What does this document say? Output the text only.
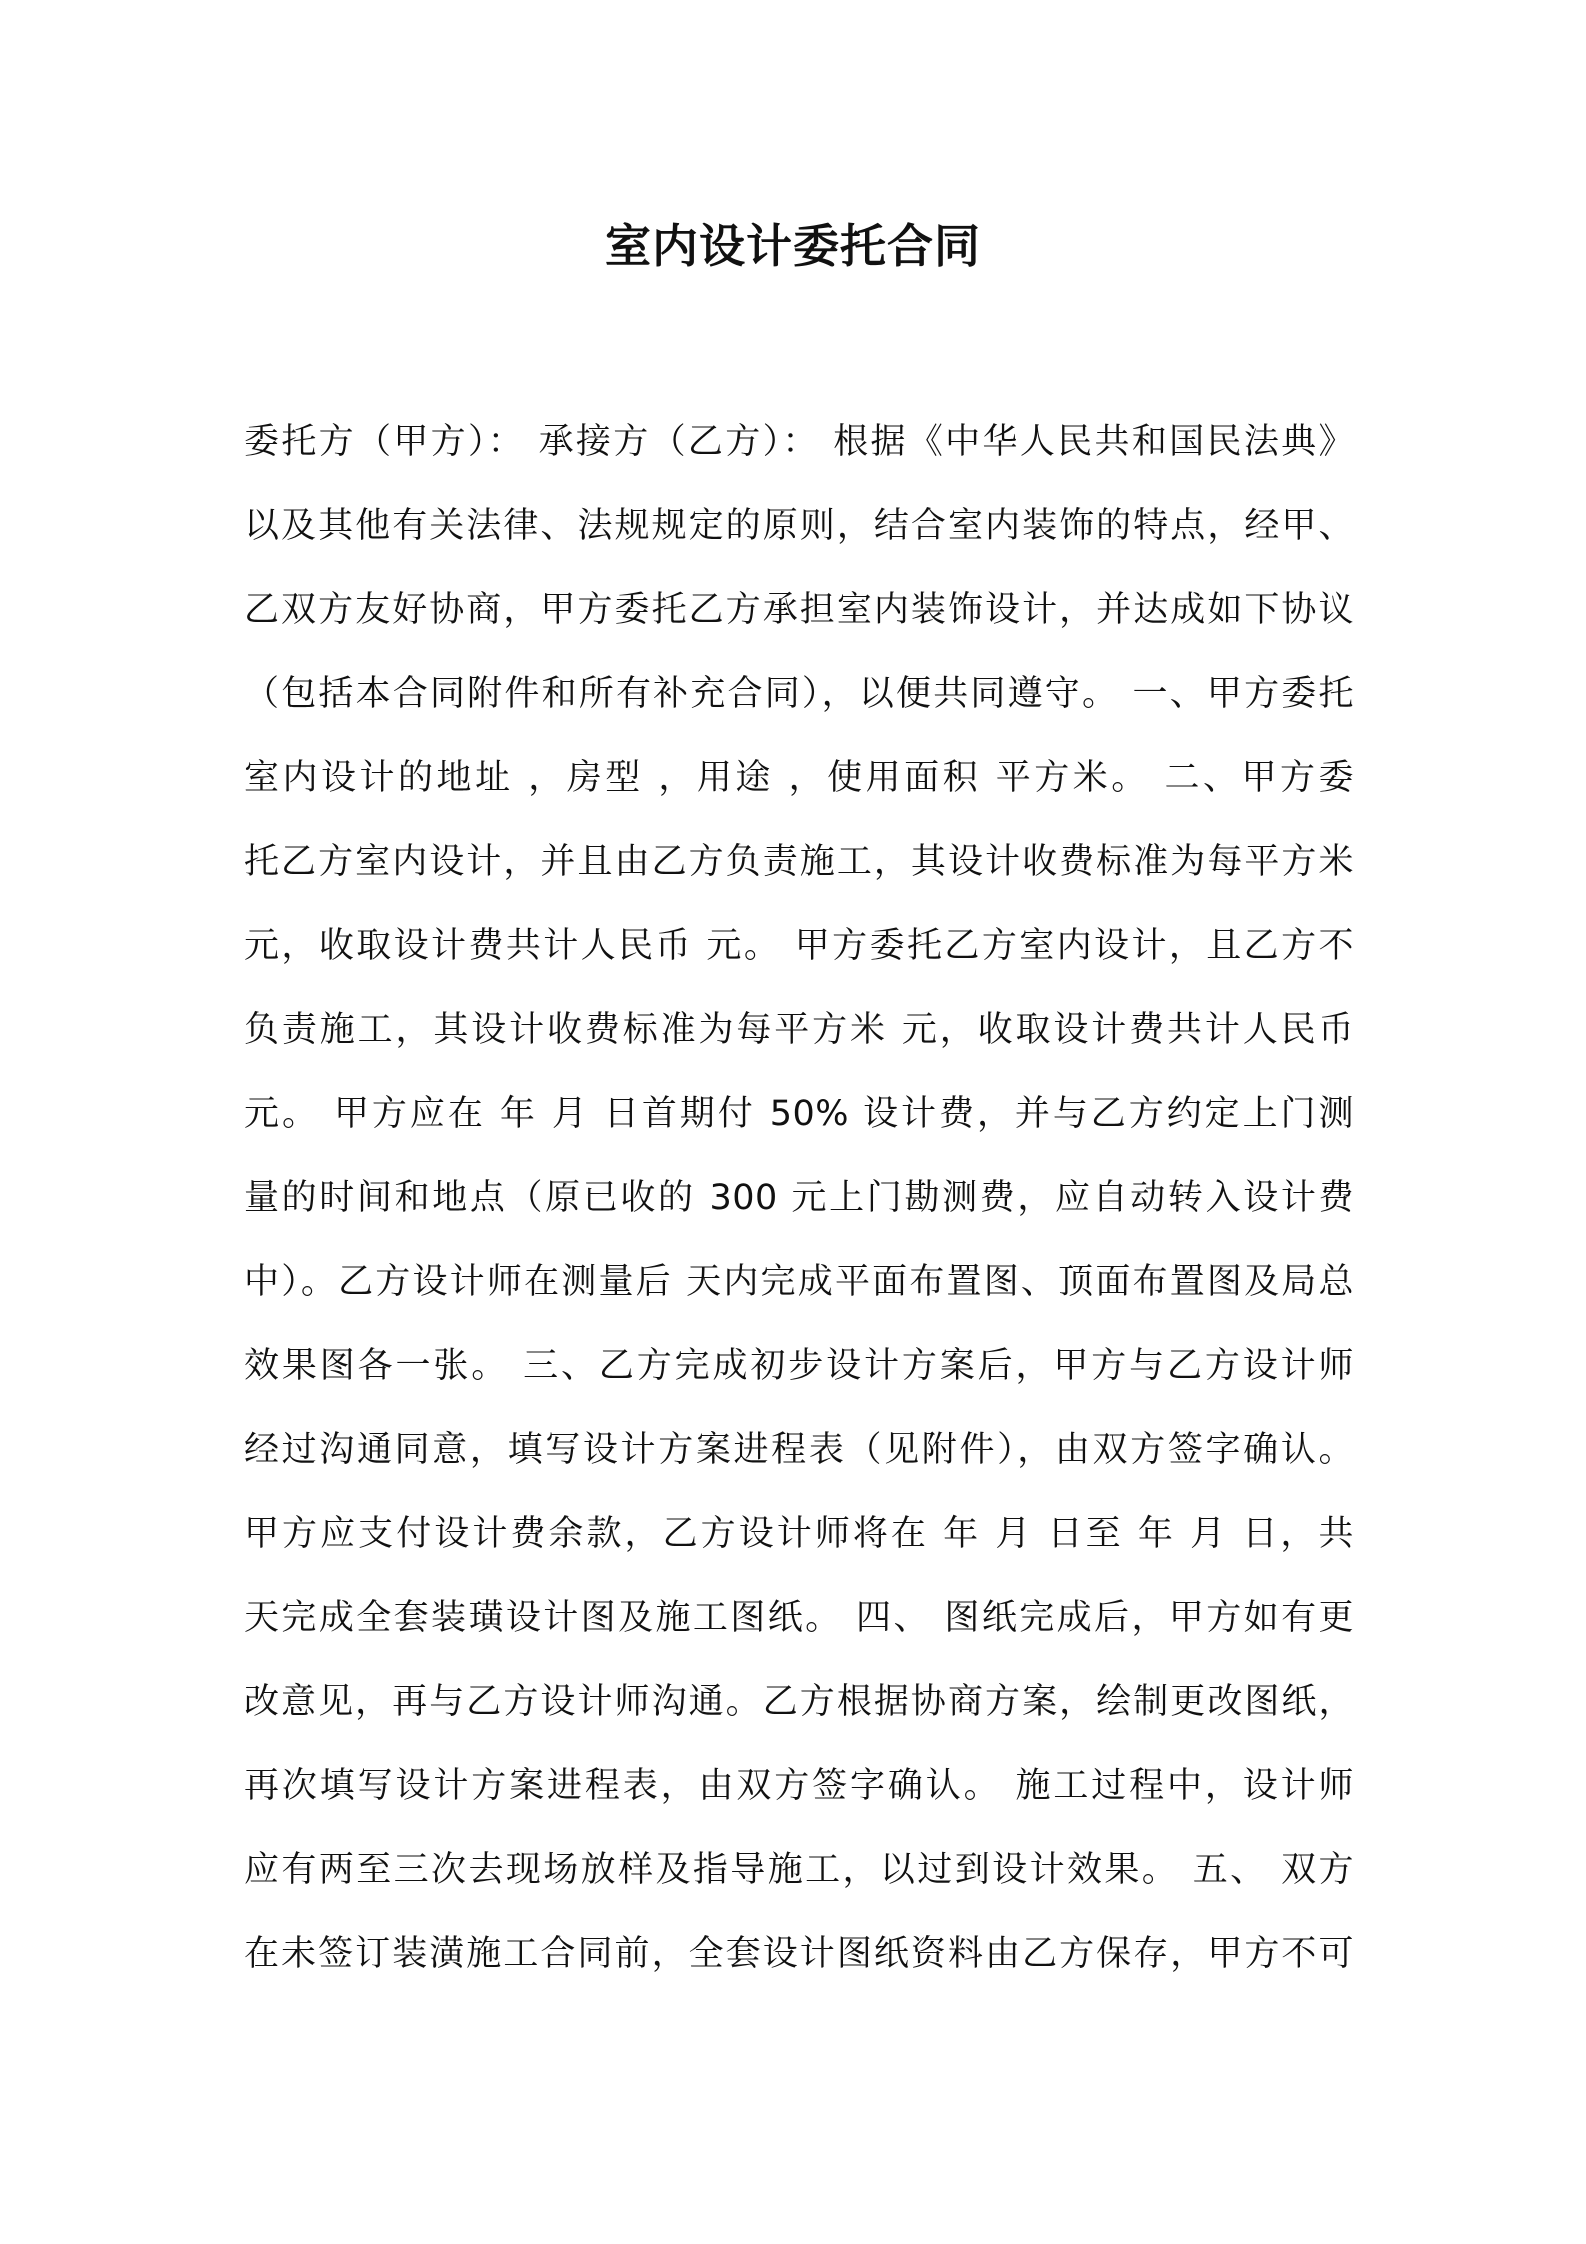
室内设计委托合同
委托方（甲方）： 承接方（乙方）： 根据《中华人民共和国民法典》
以及其他有关法律、法规规定的原则，结合室内装饰的特点，经甲、
乙双方友好协商，甲方委托乙方承担室内装饰设计，并达成如下协议
（包括本合同附件和所有补充合同），以便共同遵守。 一、甲方委托
室内设计的地址 ，房型 ，用途 ，使用面积 平方米。 二、甲方委
托乙方室内设计，并且由乙方负责施工，其设计收费标准为每平方米
元，收取设计费共计人民币 元。 甲方委托乙方室内设计，且乙方不
负责施工，其设计收费标准为每平方米 元，收取设计费共计人民币
元。 甲方应在 年 月 日首期付 50% 设计费，并与乙方约定上门测
量的时间和地点（原已收的 300 元上门勘测费，应自动转入设计费
中）。乙方设计师在测量后 天内完成平面布置图、顶面布置图及局总
效果图各一张。 三、乙方完成初步设计方案后，甲方与乙方设计师
经过沟通同意，填写设计方案进程表（见附件），由双方签字确认。
甲方应支付设计费余款，乙方设计师将在 年 月 日至 年 月 日，共
天完成全套装璜设计图及施工图纸。 四、 图纸完成后，甲方如有更
改意见，再与乙方设计师沟通。乙方根据协商方案，绘制更改图纸，
再次填写设计方案进程表，由双方签字确认。 施工过程中，设计师
应有两至三次去现场放样及指导施工，以过到设计效果。 五、 双方
在未签订装潢施工合同前，全套设计图纸资料由乙方保存，甲方不可
